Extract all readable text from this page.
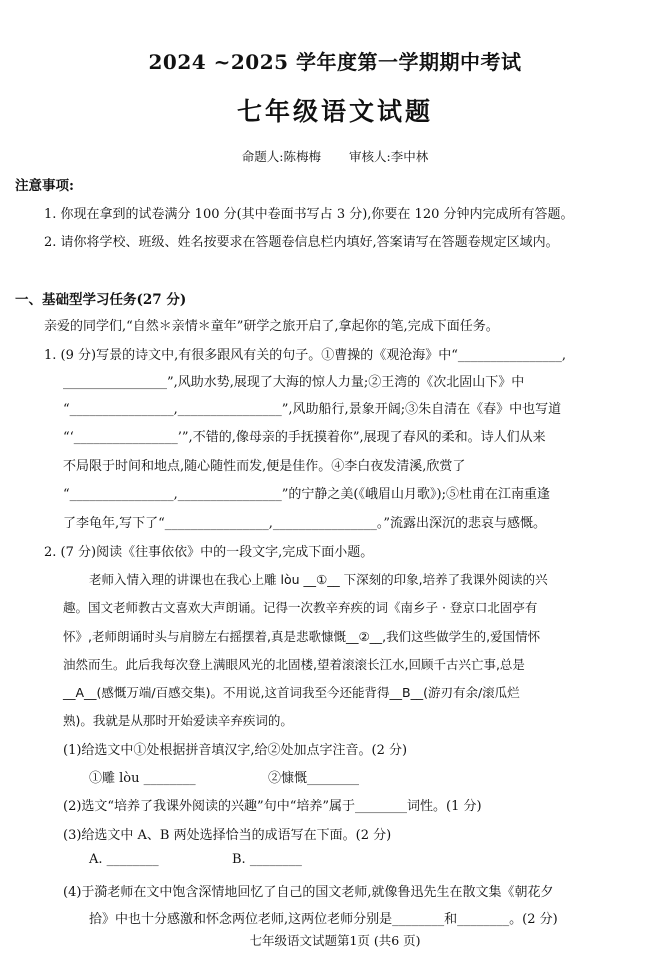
2024 ~2025 学年度第一学期期中考试
七年级语文试题
命题人:陈梅梅 审核人:李中林
注意事项:
1. 你现在拿到的试卷满分 100 分(其中卷面书写占 3 分),你要在 120 分钟内完成所有答题。
2. 请你将学校、班级、姓名按要求在答题卷信息栏内填好,答案请写在答题卷规定区域内。
一、基础型学习任务(27 分)
亲爱的同学们,“自然＊亲情＊童年”研学之旅开启了,拿起你的笔,完成下面任务。
1. (9 分)写景的诗文中,有很多跟风有关的句子。①曹操的《观沧海》中“________________,
________________”,风助水势,展现了大海的惊人力量;②王湾的《次北固山下》中
“________________,________________”,风助船行,景象开阔;③朱自清在《春》中也写道
“‘________________’”,不错的,像母亲的手抚摸着你”,展现了春风的柔和。诗人们从来
不局限于时间和地点,随心随性而发,便是佳作。④李白夜发清溪,欣赏了
“________________,________________”的宁静之美(《峨眉山月歌》);⑤杜甫在江南重逢
了李龟年,写下了“________________,________________。”流露出深沉的悲哀与感慨。
2. (7 分)阅读《往事依依》中的一段文字,完成下面小题。
老师入情入理的讲课也在我心上雕 lòu __①__ 下深刻的印象,培养了我课外阅读的兴
趣。国文老师教古文喜欢大声朗诵。记得一次教辛弃疾的词《南乡子 · 登京口北固亭有
怀》,老师朗诵时头与肩膀左右摇摆着,真是悲歌慷慨__②__,我们这些做学生的,爱国情怀
油然而生。此后我每次登上满眼风光的北固楼,望着滚滚长江水,回顾千古兴亡事,总是
__A__(感慨万端/百感交集)。不用说,这首词我至今还能背得__B__(游刃有余/滚瓜烂
熟)。我就是从那时开始爱读辛弃疾词的。
(1)给选文中①处根据拼音填汉字,给②处加点字注音。(2 分)
①雕 lòu ________	②慷慨________
(2)选文“培养了我课外阅读的兴趣”句中“培养”属于________词性。(1 分)
(3)给选文中 A、B 两处选择恰当的成语写在下面。(2 分)
A. ________	B. ________
(4)于漪老师在文中饱含深情地回忆了自己的国文老师,就像鲁迅先生在散文集《朝花夕
拾》中也十分感激和怀念两位老师,这两位老师分别是________和________。(2 分)
七年级语文试题第1页 (共6 页)
